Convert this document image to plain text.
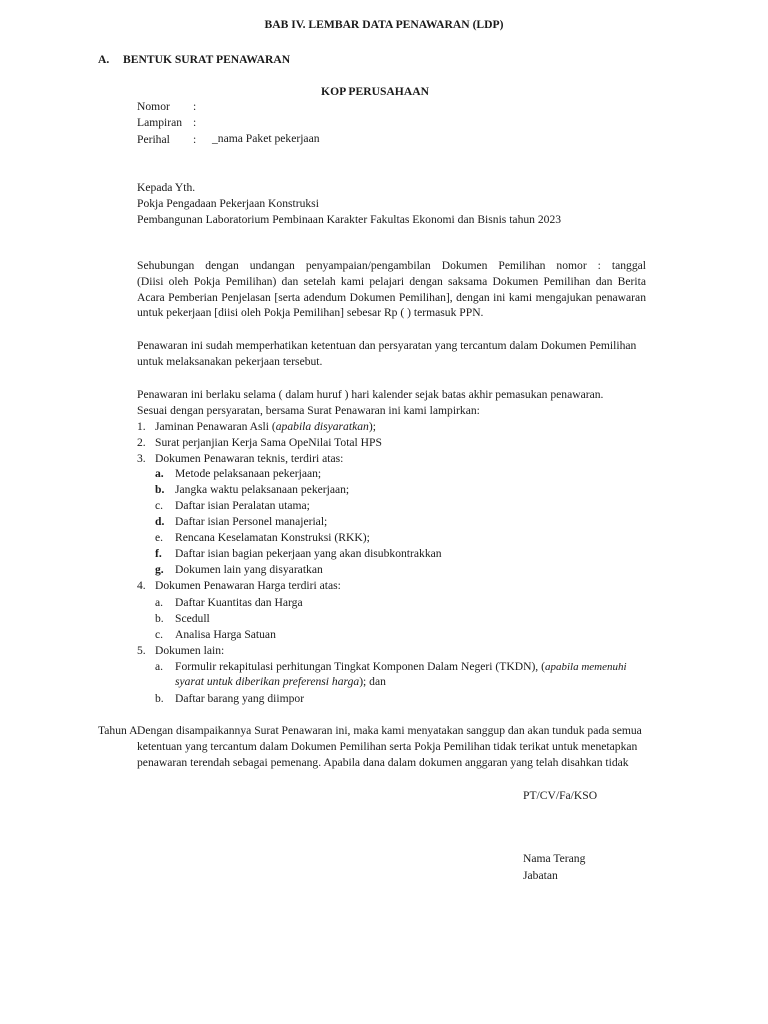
BAB IV. LEMBAR DATA PENAWARAN (LDP)
A. BENTUK SURAT PENAWARAN
KOP PERUSAHAAN
Nomor :
Lampiran :
Perihal : _nama Paket pekerjaan
Kepada Yth.
Pokja Pengadaan Pekerjaan Konstruksi
Pembangunan Laboratorium Pembinaan Karakter Fakultas Ekonomi dan Bisnis tahun 2023
Sehubungan dengan undangan penyampaian/pengambilan Dokumen Pemilihan nomor : tanggal
(Diisi oleh Pokja Pemilihan) dan setelah kami pelajari dengan saksama Dokumen Pemilihan dan Berita
Acara Pemberian Penjelasan [serta adendum Dokumen Pemilihan], dengan ini kami mengajukan penawaran
untuk pekerjaan [diisi oleh Pokja Pemilihan] sebesar Rp ( ) termasuk PPN.
Penawaran ini sudah memperhatikan ketentuan dan persyaratan yang tercantum dalam Dokumen Pemilihan
untuk melaksanakan pekerjaan tersebut.
Penawaran ini berlaku selama ( dalam huruf ) hari kalender sejak batas akhir pemasukan penawaran.
Sesuai dengan persyaratan, bersama Surat Penawaran ini kami lampirkan:
1. Jaminan Penawaran Asli (apabila disyaratkan);
2. Surat perjanjian Kerja Sama OpeNilai Total HPS
3. Dokumen Penawaran teknis, terdiri atas:
a. Metode pelaksanaan pekerjaan;
b. Jangka waktu pelaksanaan pekerjaan;
c. Daftar isian Peralatan utama;
d. Daftar isian Personel manajerial;
e. Rencana Keselamatan Konstruksi (RKK);
f. Daftar isian bagian pekerjaan yang akan disubkontrakkan
g. Dokumen lain yang disyaratkan
4. Dokumen Penawaran Harga terdiri atas:
a. Daftar Kuantitas dan Harga
b. Scedull
c. Analisa Harga Satuan
5. Dokumen lain:
a. Formulir rekapitulasi perhitungan Tingkat Komponen Dalam Negeri (TKDN), (apabila memenuhi
syarat untuk diberikan preferensi harga); dan
b. Daftar barang yang diimpor
Tahun A Dengan disampaikannya Surat Penawaran ini, maka kami menyatakan sanggup dan akan tunduk pada semua
ketentuan yang tercantum dalam Dokumen Pemilihan serta Pokja Pemilihan tidak terikat untuk menetapkan
penawaran terendah sebagai pemenang. Apabila dana dalam dokumen anggaran yang telah disahkan tidak
PT/CV/Fa/KSO
Nama Terang
Jabatan
